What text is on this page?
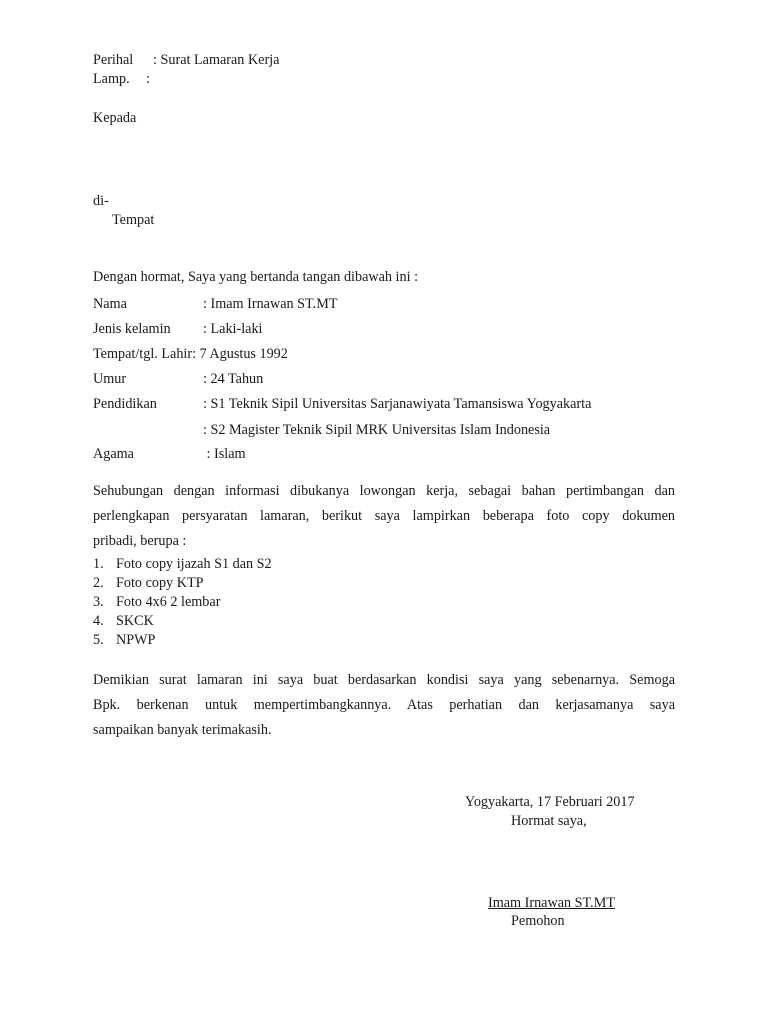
Perihal : Surat Lamaran Kerja
Lamp. :
Kepada
di-
Tempat
Dengan hormat, Saya yang bertanda tangan dibawah ini :
Nama	: Imam Irnawan ST.MT
Jenis kelamin : Laki-laki
Tempat/tgl. Lahir: 7 Agustus 1992
Umur	: 24 Tahun
Pendidikan	: S1 Teknik Sipil Universitas Sarjanawiyata Tamansiswa Yogyakarta
: S2 Magister Teknik Sipil MRK Universitas Islam Indonesia
Agama	: Islam
Sehubungan dengan informasi dibukanya lowongan kerja, sebagai bahan pertimbangan dan
perlengkapan persyaratan lamaran, berikut saya lampirkan beberapa foto copy dokumen
pribadi, berupa :
1. Foto copy ijazah S1 dan S2
2. Foto copy KTP
3. Foto 4x6 2 lembar
4. SKCK
5. NPWP
Demikian surat lamaran ini saya buat berdasarkan kondisi saya yang sebenarnya. Semoga
Bpk. berkenan untuk mempertimbangkannya. Atas perhatian dan kerjasamanya saya
sampaikan banyak terimakasih.
Yogyakarta, 17 Februari 2017
Hormat saya,
Imam Irnawan ST.MT
Pemohon
